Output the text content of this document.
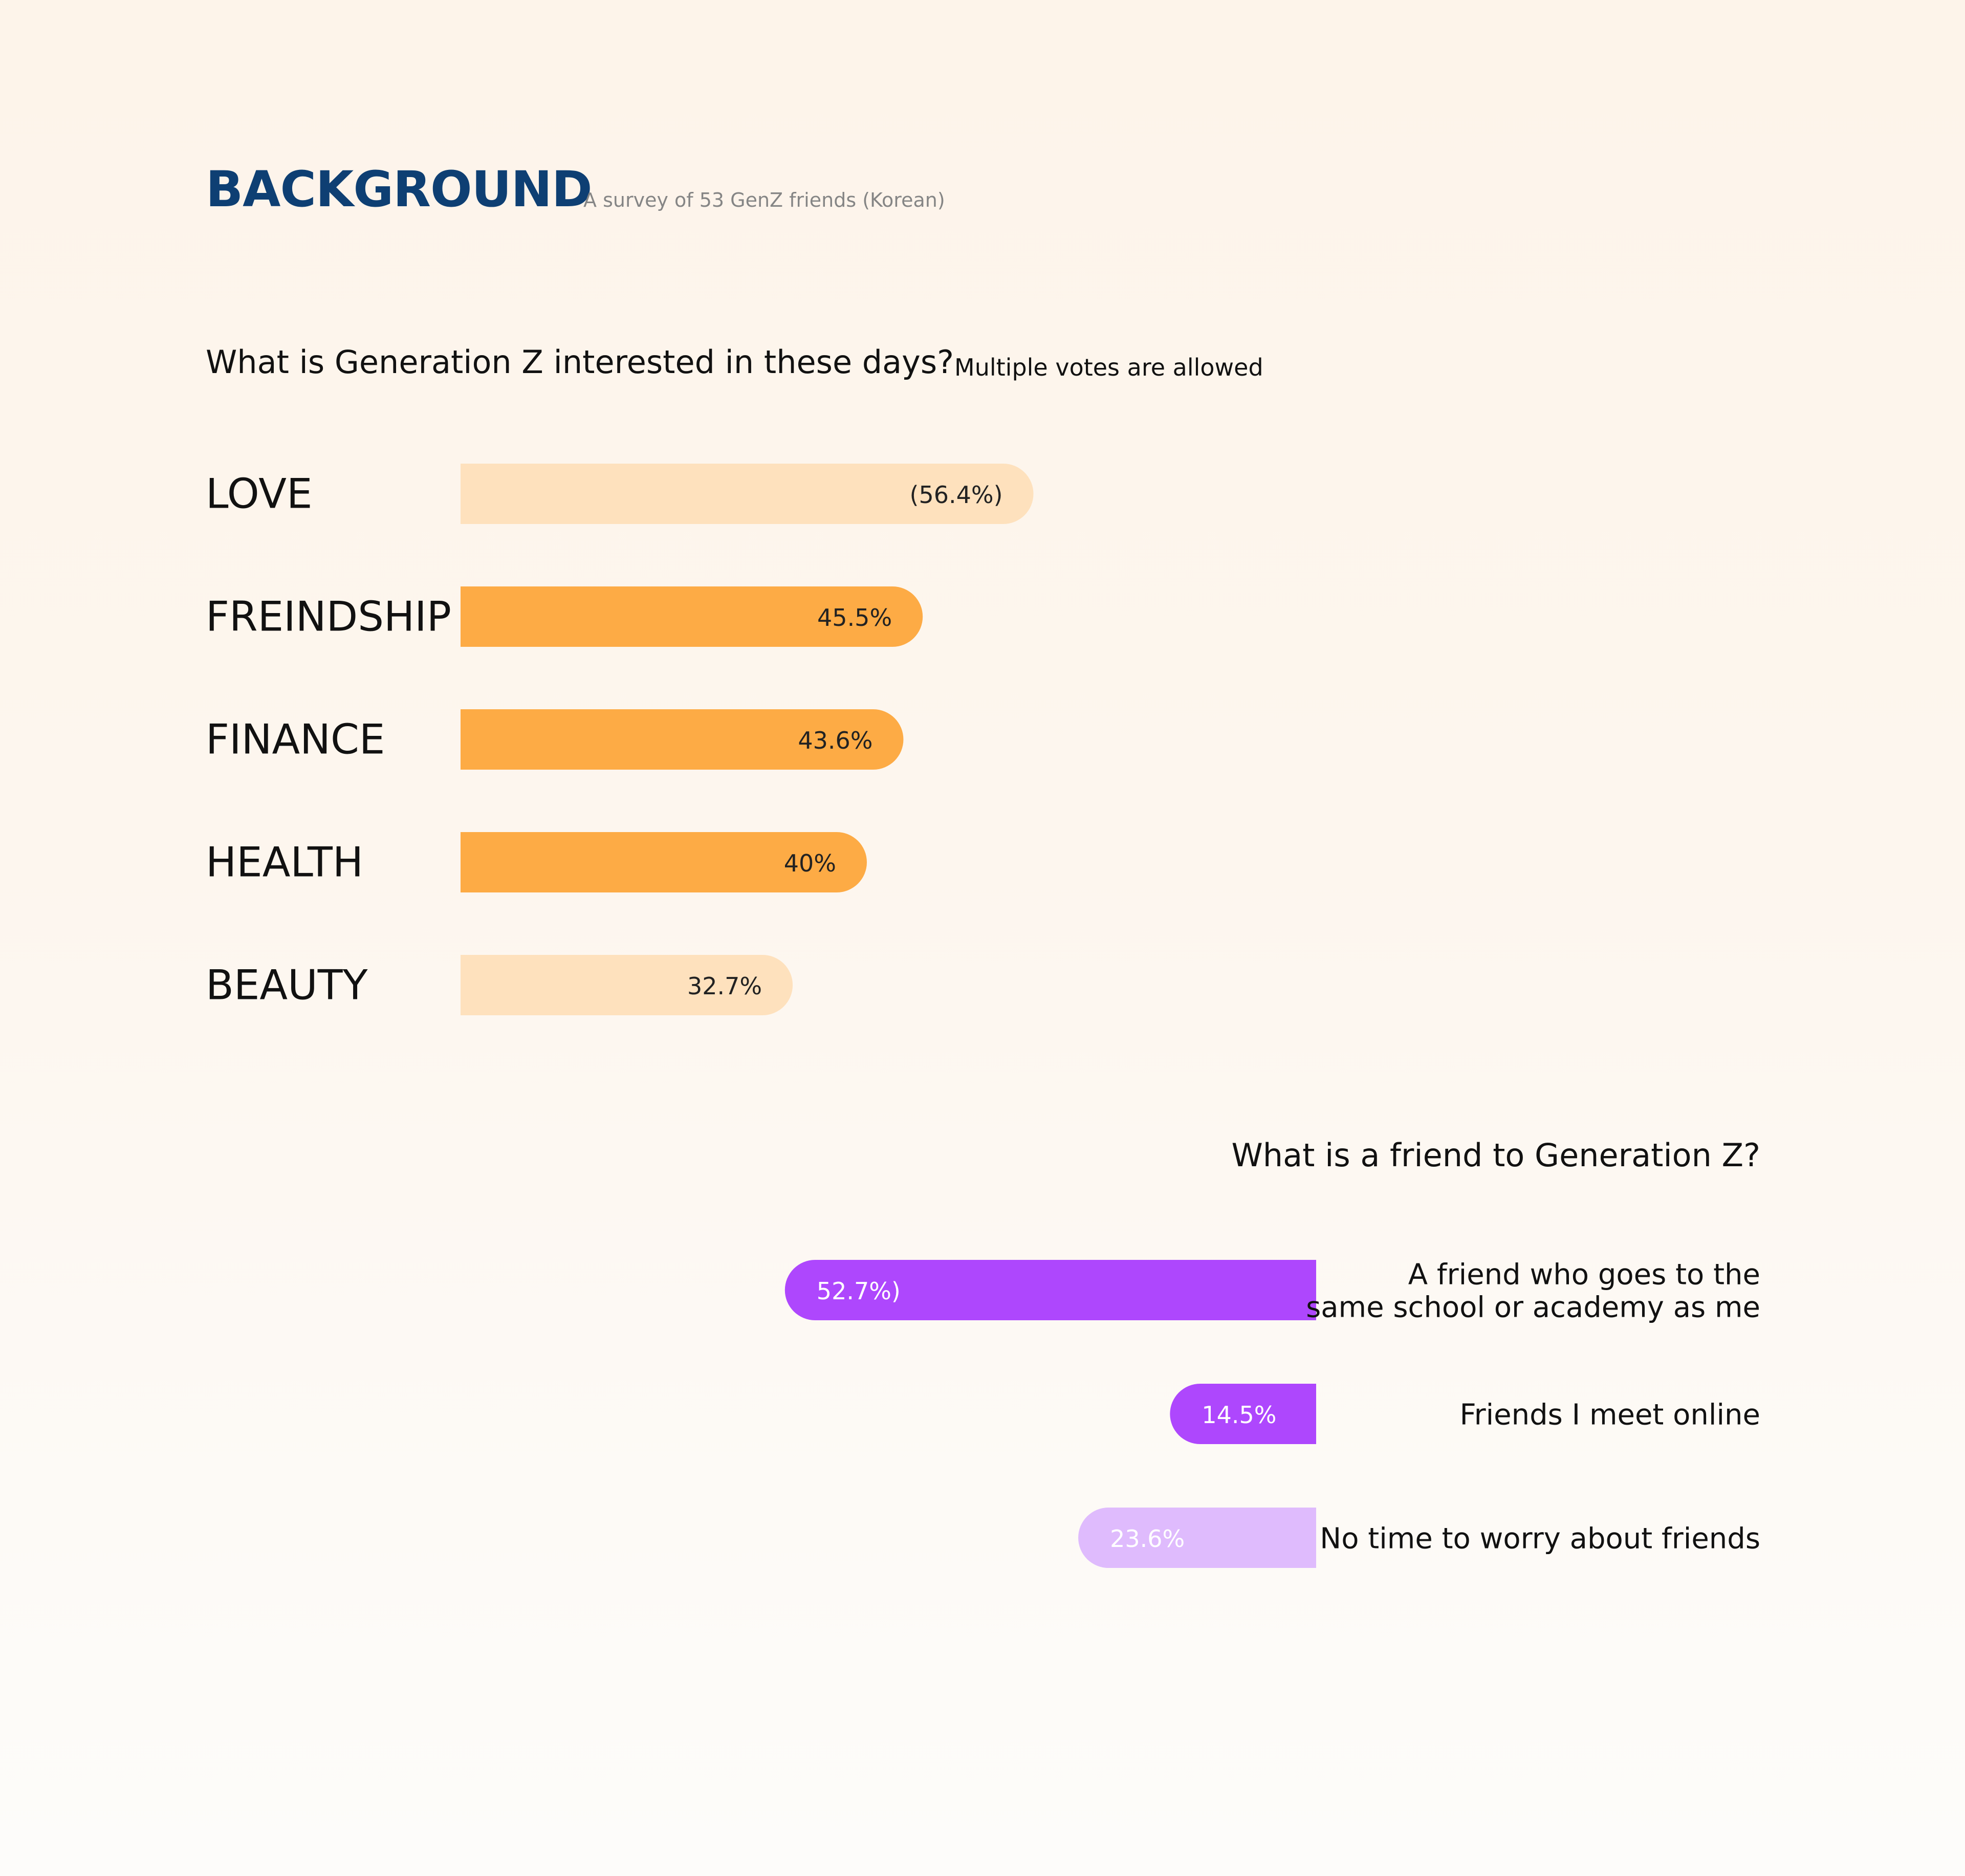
BACKGROUND
A survey of 53 GenZ friends (Korean)
What is Generation Z interested in these days? Multiple votes are allowed
What is a friend to Generation Z?
LOVE	(56.4%)
FREINDSHIP	45.5%
FINANCE	43.6%
HEALTH	40%
BEAUTY	32.7%
52.7%)	A friend who goes to the
same school or academy as me
14.5%	Friends I meet online
23.6%	No time to worry about friends
